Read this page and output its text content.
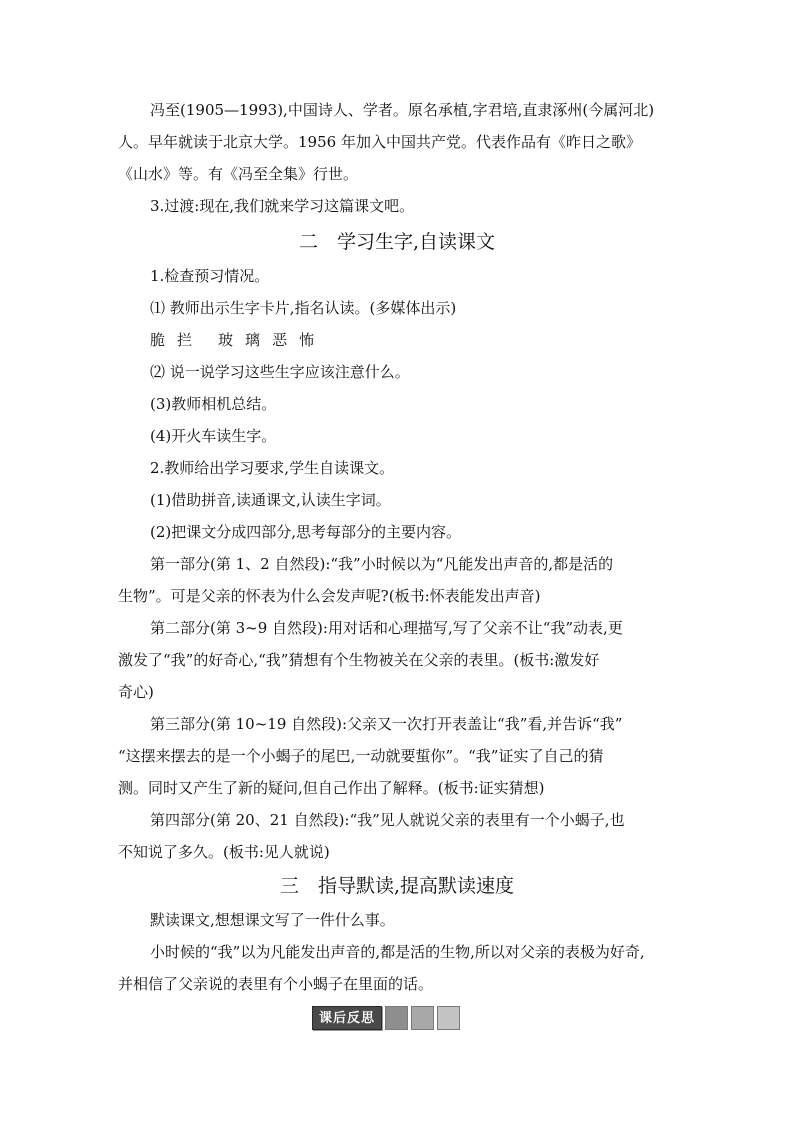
冯至(1905—1993),中国诗人、学者。原名承植,字君培,直隶涿州(今属河北)
人。早年就读于北京大学。1956 年加入中国共产党。代表作品有《昨日之歌》
《山水》等。有《冯至全集》行世。
3.过渡:现在,我们就来学习这篇课文吧。
二　学习生字,自读课文
1.检查预习情况。
⑴ 教师出示生字卡片,指名认读。(多媒体出示)
脆 拦 玻 璃 恶 怖
⑵ 说一说学习这些生字应该注意什么。
(3)教师相机总结。
(4)开火车读生字。
2.教师给出学习要求,学生自读课文。
(1)借助拼音,读通课文,认读生字词。
(2)把课文分成四部分,思考每部分的主要内容。
第一部分(第 1、2 自然段):“我”小时候以为“凡能发出声音的,都是活的
生物”。可是父亲的怀表为什么会发声呢?(板书:怀表能发出声音)
第二部分(第 3~9 自然段):用对话和心理描写,写了父亲不让“我”动表,更
激发了“我”的好奇心,“我”猜想有个生物被关在父亲的表里。(板书:激发好
奇心)
第三部分(第 10~19 自然段):父亲又一次打开表盖让“我”看,并告诉“我”
“这摆来摆去的是一个小蝎子的尾巴,一动就要蜇你”。“我”证实了自己的猜
测。同时又产生了新的疑问,但自己作出了解释。(板书:证实猜想)
第四部分(第 20、21 自然段):“我”见人就说父亲的表里有一个小蝎子,也
不知说了多久。(板书:见人就说)
三　指导默读,提高默读速度
默读课文,想想课文写了一件什么事。
小时候的“我”以为凡能发出声音的,都是活的生物,所以对父亲的表极为好奇,
并相信了父亲说的表里有个小蝎子在里面的话。
课后反思
